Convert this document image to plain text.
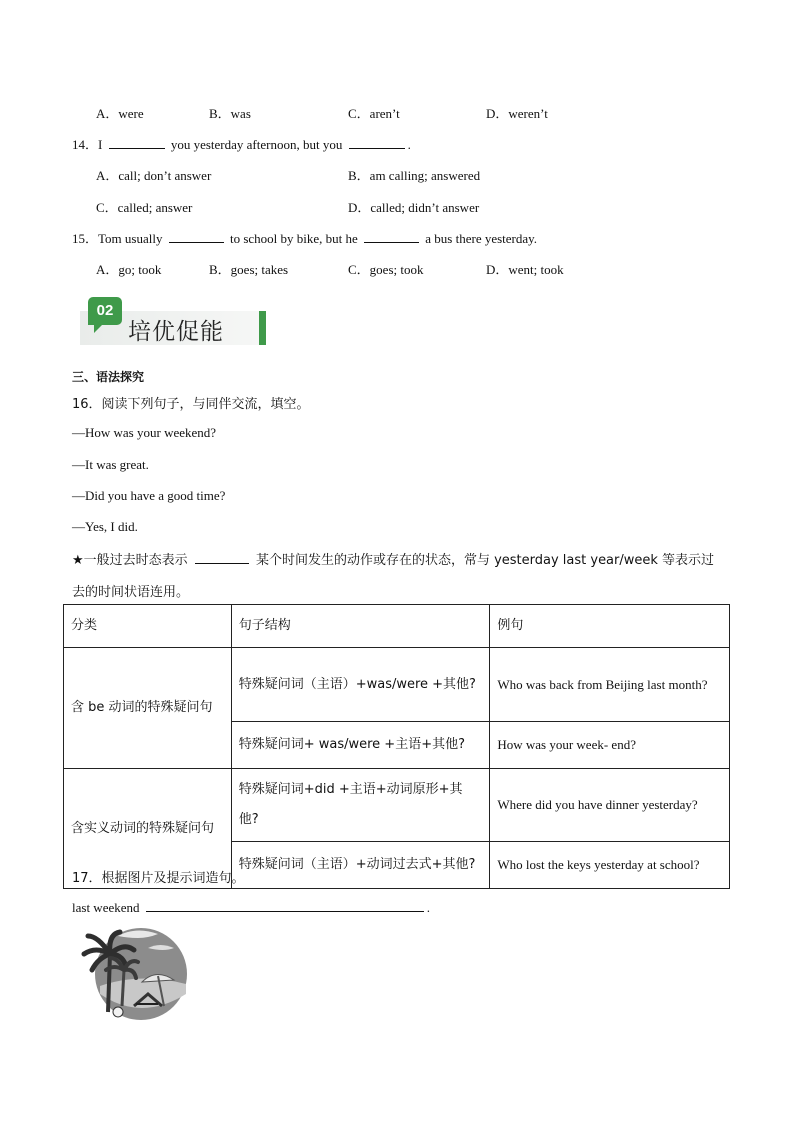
A．were	B．was	C．aren’t	D．weren’t
14．I	you yesterday afternoon, but you	.
A．call; don’t answer	B．am calling; answered
C．called; answer	D．called; didn’t answer
15．Tom usually	to school by bike, but he	a bus there yesterday.
A．go; took	B．goes; takes	C．goes; took	D．went; took
02
培优促能
三、语法探究
16．阅读下列句子，与同伴交流，填空。
—How was your weekend?
—It was great.
—Did you have a good time?
—Yes, I did.
★一般过去时态表示	某个时间发生的动作或存在的状态，常与 yesterday last year/week 等表示过
去的时间状语连用。
分类	句子结构	例句
含 be 动词的特殊疑问句	特殊疑问词（主语）+was/were +其他?	Who was back from Beijing last month?
	特殊疑问词+ was/were +主语+其他?	How was your week- end?
含实义动词的特殊疑问句	特殊疑问词+did +主语+动词原形+其他?	Where did you have dinner yesterday?
	特殊疑问词（主语）+动词过去式+其他?	Who lost the keys yesterday at school?
17．根据图片及提示词造句。
last weekend	.
